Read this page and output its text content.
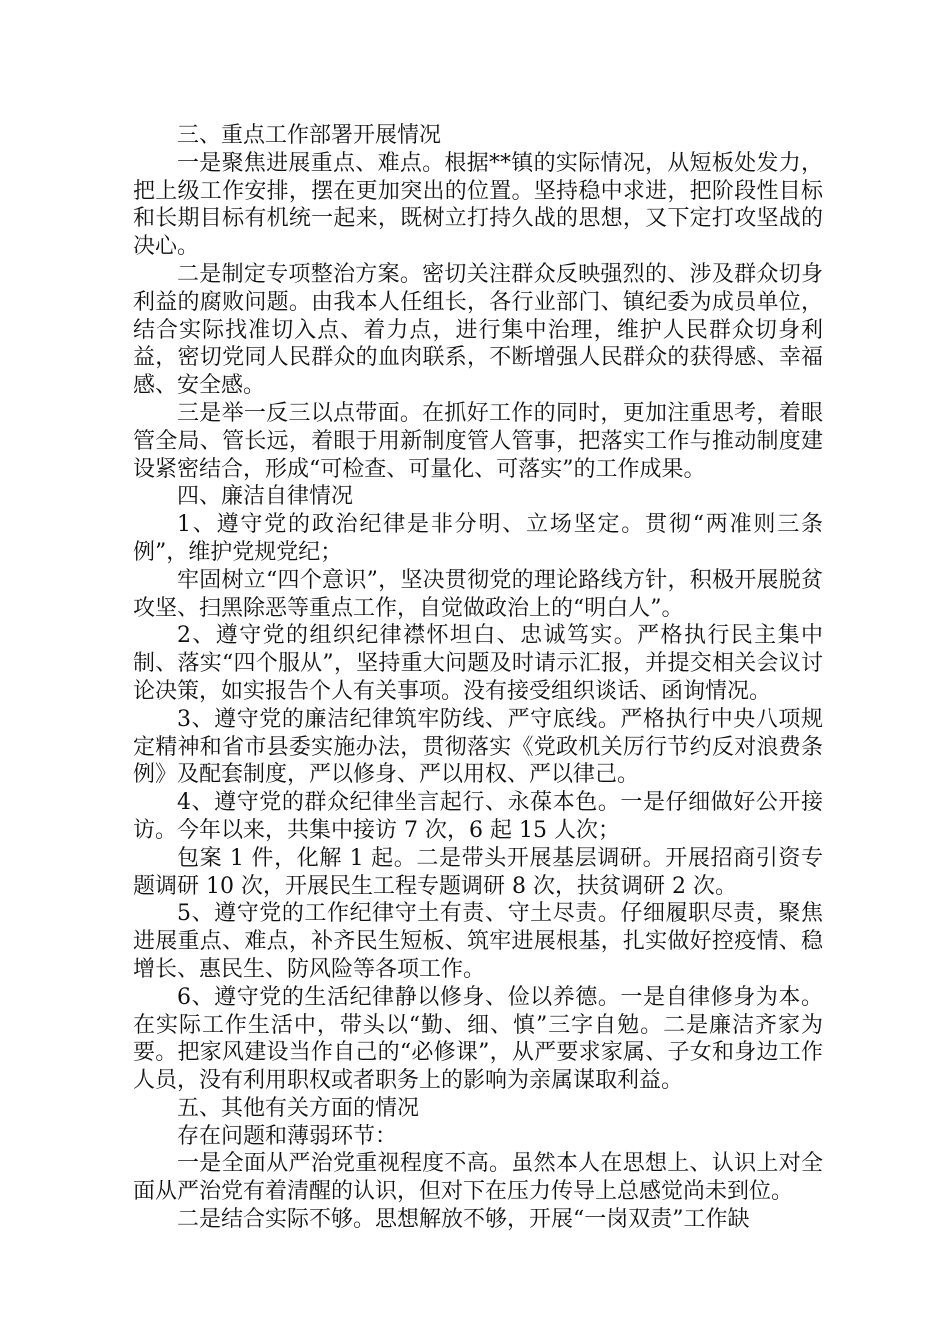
三、重点工作部署开展情况

一是聚焦进展重点、难点。根据**镇的实际情况，从短板处发力，把上级工作安排，摆在更加突出的位置。坚持稳中求进，把阶段性目标和长期目标有机统一起来，既树立打持久战的思想，又下定打攻坚战的决心。

二是制定专项整治方案。密切关注群众反映强烈的、涉及群众切身利益的腐败问题。由我本人任组长，各行业部门、镇纪委为成员单位，结合实际找准切入点、着力点，进行集中治理，维护人民群众切身利益，密切党同人民群众的血肉联系，不断增强人民群众的获得感、幸福感、安全感。

三是举一反三以点带面。在抓好工作的同时，更加注重思考，着眼管全局、管长远，着眼于用新制度管人管事，把落实工作与推动制度建设紧密结合，形成“可检查、可量化、可落实”的工作成果。

四、廉洁自律情况

1、遵守党的政治纪律是非分明、立场坚定。贯彻“两准则三条例”，维护党规党纪；

牢固树立“四个意识”，坚决贯彻党的理论路线方针，积极开展脱贫攻坚、扫黑除恶等重点工作，自觉做政治上的“明白人”。

2、遵守党的组织纪律襟怀坦白、忠诚笃实。严格执行民主集中制、落实“四个服从”，坚持重大问题及时请示汇报，并提交相关会议讨论决策，如实报告个人有关事项。没有接受组织谈话、函询情况。

3、遵守党的廉洁纪律筑牢防线、严守底线。严格执行中央八项规定精神和省市县委实施办法，贯彻落实《党政机关厉行节约反对浪费条例》及配套制度，严以修身、严以用权、严以律己。

4、遵守党的群众纪律坐言起行、永葆本色。一是仔细做好公开接访。今年以来，共集中接访 7 次，6 起 15 人次；

包案 1 件，化解 1 起。二是带头开展基层调研。开展招商引资专题调研 10 次，开展民生工程专题调研 8 次，扶贫调研 2 次。

5、遵守党的工作纪律守土有责、守土尽责。仔细履职尽责，聚焦进展重点、难点，补齐民生短板、筑牢进展根基，扎实做好控疫情、稳增长、惠民生、防风险等各项工作。

6、遵守党的生活纪律静以修身、俭以养德。一是自律修身为本。在实际工作生活中，带头以“勤、细、慎”三字自勉。二是廉洁齐家为要。把家风建设当作自己的“必修课”，从严要求家属、子女和身边工作人员，没有利用职权或者职务上的影响为亲属谋取利益。

五、其他有关方面的情况

存在问题和薄弱环节：

一是全面从严治党重视程度不高。虽然本人在思想上、认识上对全面从严治党有着清醒的认识，但对下在压力传导上总感觉尚未到位。

二是结合实际不够。思想解放不够，开展“一岗双责”工作缺
